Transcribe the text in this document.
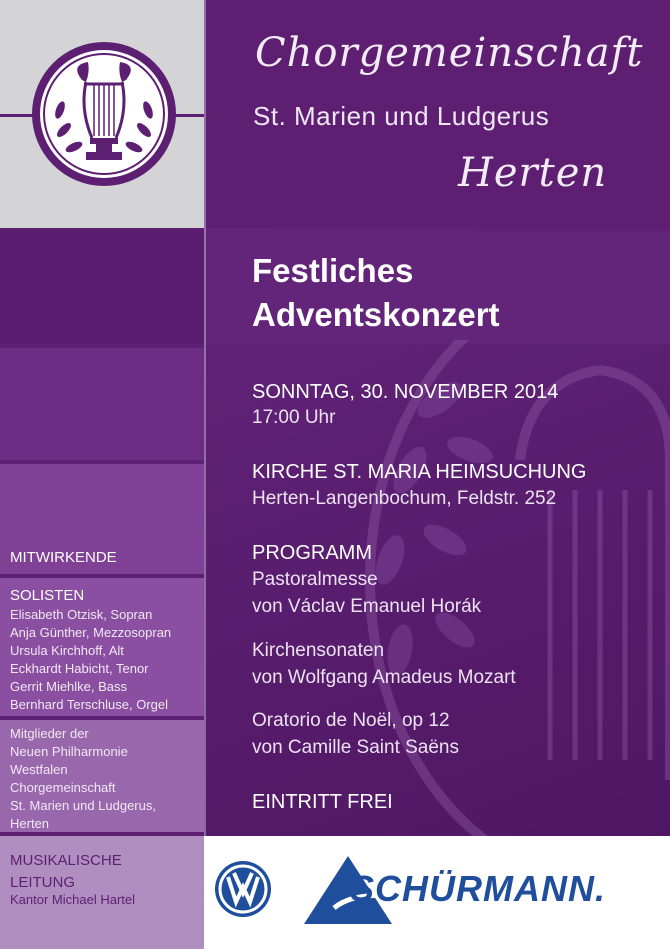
Chorgemeinschaft
St. Marien und Ludgerus
Herten
Festliches
Adventskonzert
SONNTAG, 30. NOVEMBER 2014
17:00 Uhr
KIRCHE ST. MARIA HEIMSUCHUNG
Herten-Langenbochum, Feldstr. 252
PROGRAMM
Pastoralmesse
von Václav Emanuel Horák
Kirchensonaten
von Wolfgang Amadeus Mozart
Oratorio de Noël, op 12
von Camille Saint Saëns
EINTRITT FREI
MITWIRKENDE
SOLISTEN
Elisabeth Otzisk, Sopran
Anja Günther, Mezzosopran
Ursula Kirchhoff, Alt
Eckhardt Habicht, Tenor
Gerrit Miehlke, Bass
Bernhard Terschluse, Orgel
Mitglieder der
Neuen Philharmonie
Westfalen
Chorgemeinschaft
St. Marien und Ludgerus,
Herten
MUSIKALISCHE
LEITUNG
Kantor Michael Hartel	SCHÜRMANN.
